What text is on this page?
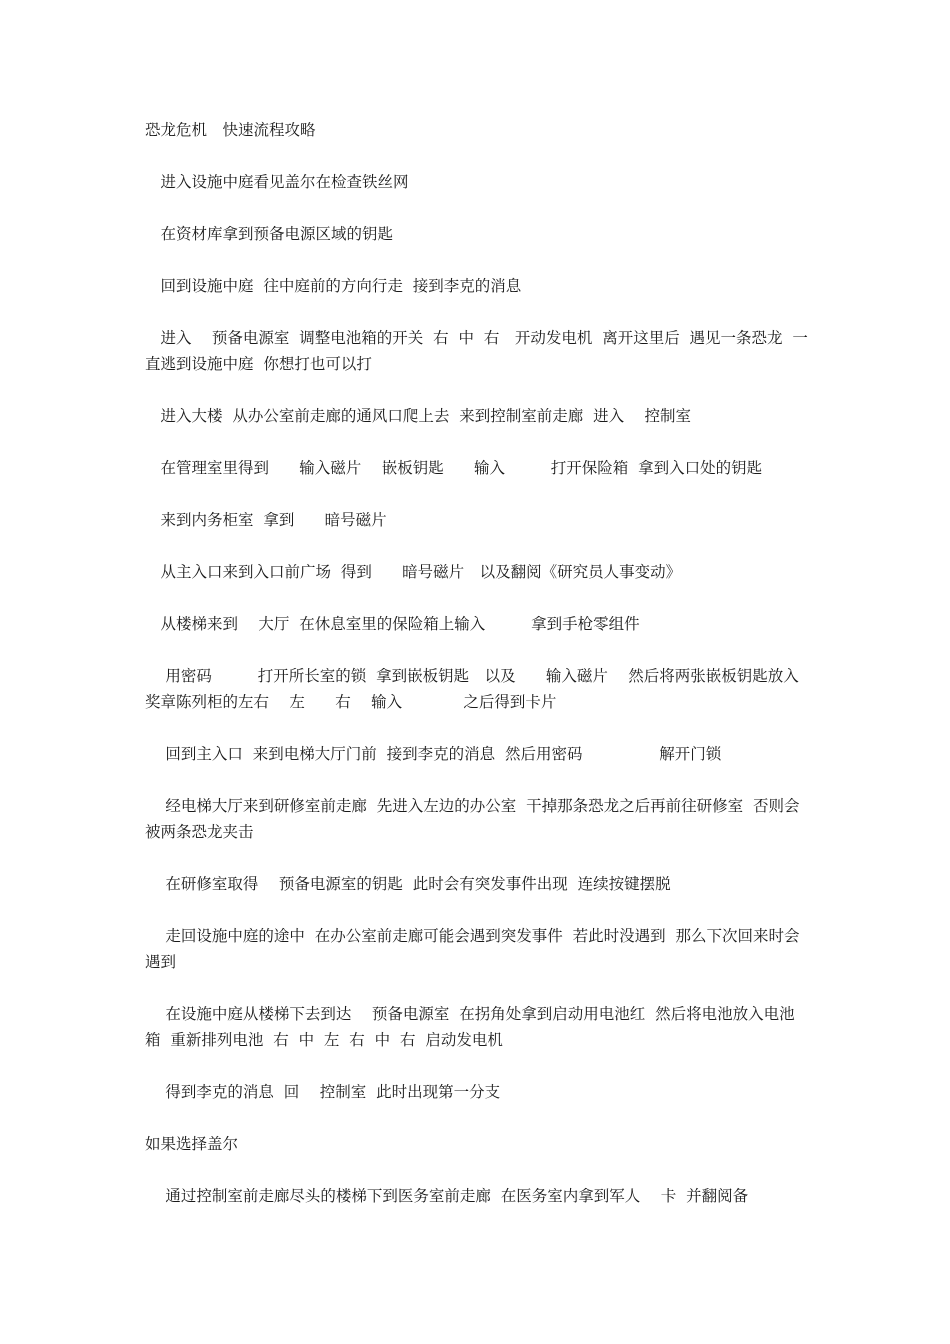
恐龙危机　快速流程攻略

　进入设施中庭看见盖尔在检查铁丝网

　在资材库拿到预备电源区域的钥匙

　回到设施中庭  往中庭前的方向行走  接到李克的消息

　进入　 预备电源室  调整电池箱的开关  右  中  右　开动发电机  离开这里后  遇见一条恐龙  一直逃到设施中庭  你想打也可以打

　进入大楼  从办公室前走廊的通风口爬上去  来到控制室前走廊  进入　 控制室

　在管理室里得到　   输入磁片　 嵌板钥匙　   输入　　   打开保险箱  拿到入口处的钥匙

　来到内务柜室  拿到　   暗号磁片

　从主入口来到入口前广场  得到　   暗号磁片　以及翻阅《研究员人事变动》

　从楼梯来到　 大厅  在休息室里的保险箱上输入　　   拿到手枪零组件

　 用密码　　   打开所长室的锁  拿到嵌板钥匙　以及　   输入磁片　 然后将两张嵌板钥匙放入奖章陈列柜的左右　 左　   右　 输入　　　   之后得到卡片

　 回到主入口  来到电梯大厅门前  接到李克的消息  然后用密码　　　　   解开门锁

　 经电梯大厅来到研修室前走廊  先进入左边的办公室  干掉那条恐龙之后再前往研修室  否则会被两条恐龙夹击

　 在研修室取得　 预备电源室的钥匙  此时会有突发事件出现  连续按键摆脱

　 走回设施中庭的途中  在办公室前走廊可能会遇到突发事件  若此时没遇到  那么下次回来时会遇到

　 在设施中庭从楼梯下去到达　 预备电源室  在拐角处拿到启动用电池红  然后将电池放入电池箱  重新排列电池  右  中  左  右  中  右  启动发电机

　 得到李克的消息  回　 控制室  此时出现第一分支

如果选择盖尔

　 通过控制室前走廊尽头的楼梯下到医务室前走廊  在医务室内拿到军人　 卡  并翻阅备
